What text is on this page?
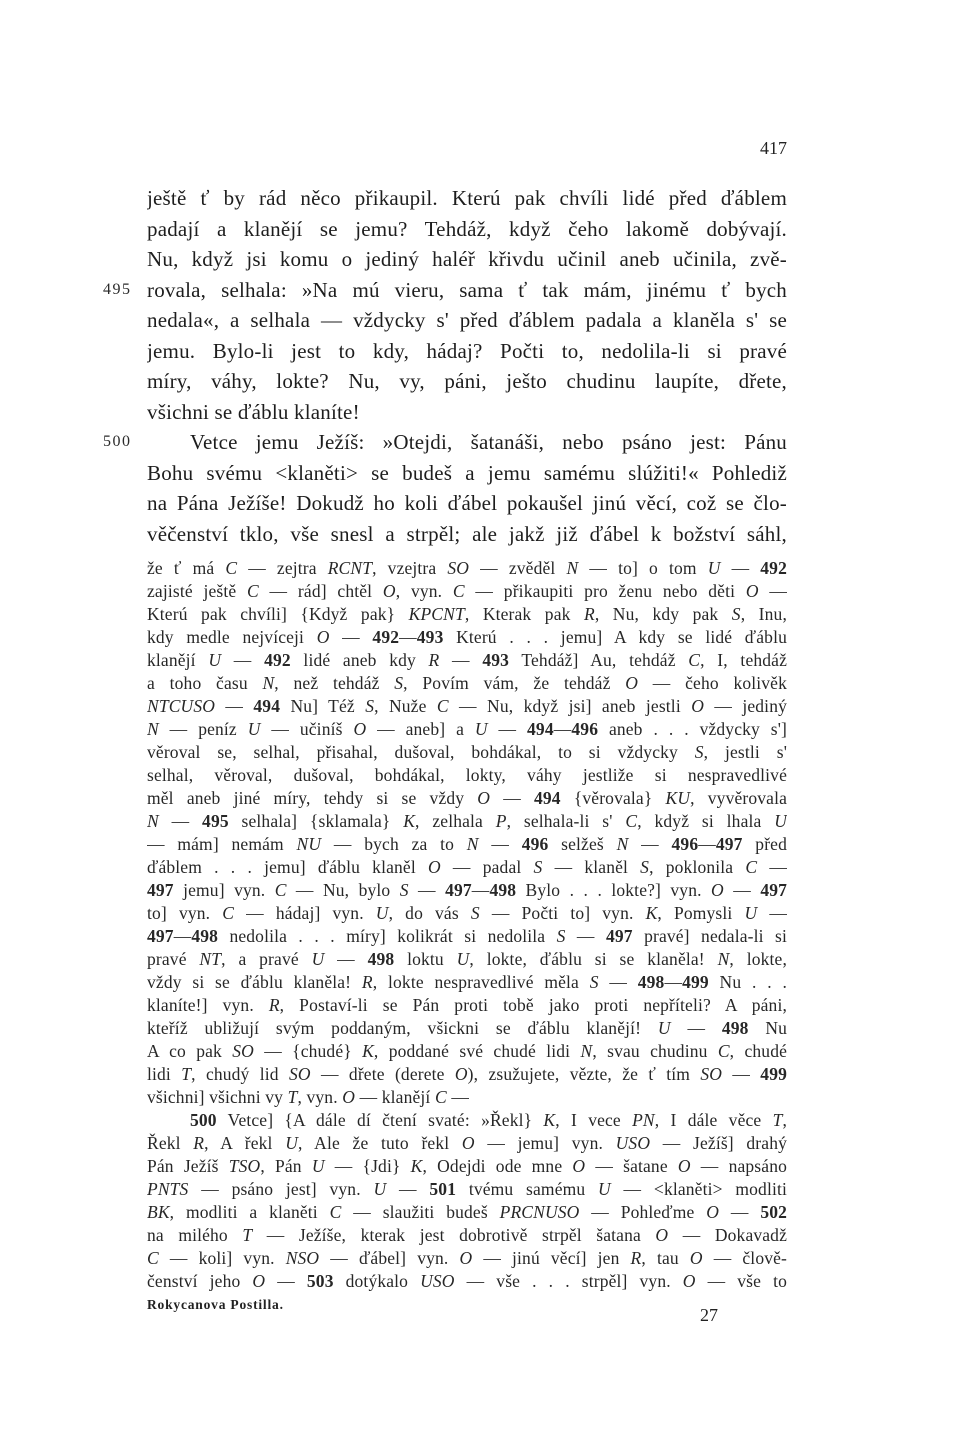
417
495
500
ještě ť by rád něco přikaupil. Kterú pak chvíli lidé před ďáblem
padají a klanějí se jemu? Tehdáž, když čeho lakomě dobývají.
Nu, když jsi komu o jediný haléř křivdu učinil aneb učinila, zvě-
rovala, selhala: »Na mú vieru, sama ť tak mám, jinému ť bych
nedala«, a selhala — vždycky s' před ďáblem padala a klaněla s' se
jemu. Bylo-li jest to kdy, hádaj? Počti to, nedolila-li si pravé
míry, váhy, lokte? Nu, vy, páni, ješto chudinu laupíte, dřete,
všichni se ďáblu klaníte!
Vetce jemu Ježíš: »Otejdi, šatanáši, nebo psáno jest: Pánu
Bohu svému <klaněti> se budeš a jemu samému slúžiti!« Pohlediž
na Pána Ježíše! Dokudž ho koli ďábel pokaušel jinú věcí, což se člo-
věčenství tklo, vše snesl a strpěl; ale jakž již ďábel k božství sáhl,
že ť má C — zejtra RCNT, vzejtra SO — zvěděl N — to] o tom U — 492
zajisté ještě C — rád] chtěl O, vyn. C — přikaupiti pro ženu nebo děti O —
Kterú pak chvíli] {Když pak} KPCNT, Kterak pak R, Nu, kdy pak S, Inu,
kdy medle nejvíceji O — 492—493 Kterú . . . jemu] A kdy se lidé ďáblu
klanějí U — 492 lidé aneb kdy R — 493 Tehdáž] Au, tehdáž C, I, tehdáž
a toho času N, než tehdáž S, Povím vám, že tehdáž O — čeho kolivěk
NTCUSO — 494 Nu] Též S, Nuže C — Nu, když jsi] aneb jestli O — jediný
N — peníz U — učiníš O — aneb] a U — 494—496 aneb . . . vždycky s']
věroval se, selhal, přisahal, dušoval, bohdákal, to si vždycky S, jestli s'
selhal, věroval, dušoval, bohdákal, lokty, váhy jestliže si nespravedlivé
měl aneb jiné míry, tehdy si se vždy O — 494 {věrovala} KU, vyvěrovala
N — 495 selhala] {sklamala} K, zelhala P, selhala-li s' C, když si lhala U
— mám] nemám NU — bych za to N — 496 selžeš N — 496—497 před
ďáblem . . . jemu] ďáblu klaněl O — padal S — klaněl S, poklonila C —
497 jemu] vyn. C — Nu, bylo S — 497—498 Bylo . . . lokte?] vyn. O — 497
to] vyn. C — hádaj] vyn. U, do vás S — Počti to] vyn. K, Pomysli U —
497—498 nedolila . . . míry] kolikrát si nedolila S — 497 pravé] nedala-li si
pravé NT, a pravé U — 498 loktu U, lokte, ďáblu si se klaněla! N, lokte,
vždy si se ďáblu klaněla! R, lokte nespravedlivé měla S — 498—499 Nu . . .
klaníte!] vyn. R, Postaví-li se Pán proti tobě jako proti nepříteli? A páni,
kteříž ubližují svým poddaným, všickni se ďáblu klanějí! U — 498 Nu
A co pak SO — {chudé} K, poddané své chudé lidi N, svau chudinu C, chudé
lidi T, chudý lid SO — dřete (derete O), zsužujete, vězte, že ť tím SO — 499
všichni] všichni vy T, vyn. O — klanějí C —
500 Vetce] {A dále dí čtení svaté: »Řekl} K, I vece PN, I dále věce T,
Řekl R, A řekl U, Ale že tuto řekl O — jemu] vyn. USO — Ježíš] drahý
Pán Ježíš TSO, Pán U — {Jdi} K, Odejdi ode mne O — šatane O — napsáno
PNTS — psáno jest] vyn. U — 501 tvému samému U — <klaněti> modliti
BK, modliti a klaněti C — slaužiti budeš PRCNUSO — Pohleďme O — 502
na milého T — Ježíše, kterak jest dobrotivě strpěl šatana O — Dokavadž
C — koli] vyn. NSO — ďábel] vyn. O — jinú věcí] jen R, tau O — člově-
čenství jeho O — 503 dotýkalo USO — vše . . . strpěl] vyn. O — vše to
Rokycanova Postilla.
27
